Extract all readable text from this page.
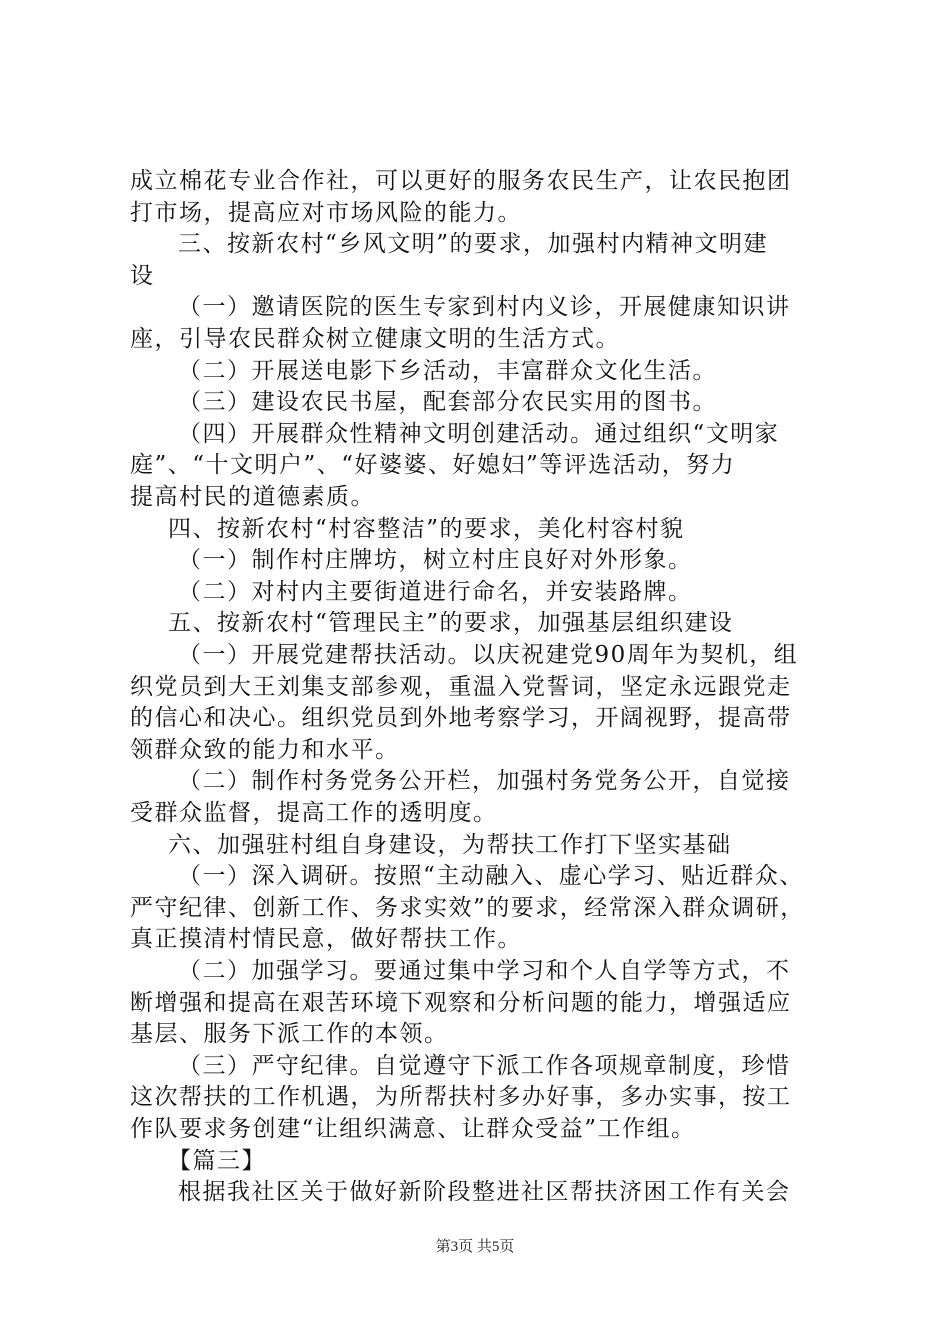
成立棉花专业合作社，可以更好的服务农民生产，让农民抱团
打市场，提高应对市场风险的能力。
三、按新农村“乡风文明”的要求，加强村内精神文明建
设
（一）邀请医院的医生专家到村内义诊，开展健康知识讲
座，引导农民群众树立健康文明的生活方式。
（二）开展送电影下乡活动，丰富群众文化生活。
（三）建设农民书屋，配套部分农民实用的图书。
（四）开展群众性精神文明创建活动。通过组织“文明家
庭”、“十文明户”、“好婆婆、好媳妇”等评选活动，努力
提高村民的道德素质。
四、按新农村“村容整洁”的要求，美化村容村貌
（一）制作村庄牌坊，树立村庄良好对外形象。
（二）对村内主要街道进行命名，并安装路牌。
五、按新农村“管理民主”的要求，加强基层组织建设
（一）开展党建帮扶活动。以庆祝建党90周年为契机，组
织党员到大王刘集支部参观，重温入党誓词，坚定永远跟党走
的信心和决心。组织党员到外地考察学习，开阔视野，提高带
领群众致的能力和水平。
（二）制作村务党务公开栏，加强村务党务公开，自觉接
受群众监督，提高工作的透明度。
六、加强驻村组自身建设，为帮扶工作打下坚实基础
（一）深入调研。按照“主动融入、虚心学习、贴近群众、
严守纪律、创新工作、务求实效”的要求，经常深入群众调研，
真正摸清村情民意，做好帮扶工作。
（二）加强学习。要通过集中学习和个人自学等方式，不
断增强和提高在艰苦环境下观察和分析问题的能力，增强适应
基层、服务下派工作的本领。
（三）严守纪律。自觉遵守下派工作各项规章制度，珍惜
这次帮扶的工作机遇，为所帮扶村多办好事，多办实事，按工
作队要求务创建“让组织满意、让群众受益”工作组。
【篇三】
根据我社区关于做好新阶段整进社区帮扶济困工作有关会
第3页 共5页
